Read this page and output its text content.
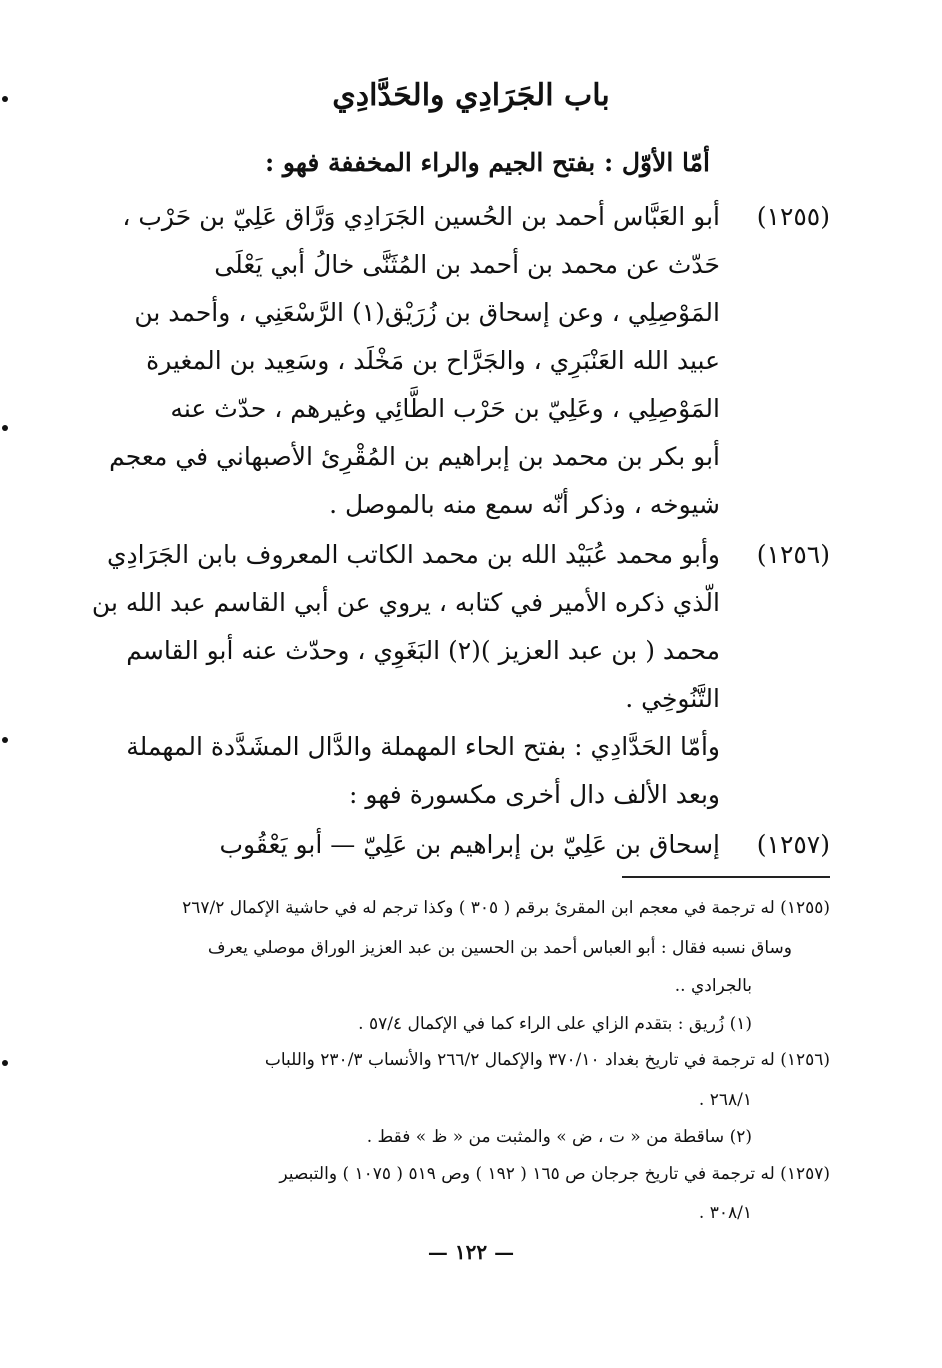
باب الجَرَادِي والحَدَّادِي
أمّا الأوّل : بفتح الجيم والراء المخففة فهو :
(١٢٥٥)
أبو العَبَّاس أحمد بن الحُسين الجَرَادِي وَرَّاق عَلِيّ بن حَرْب ،
حَدّث عن محمد بن أحمد بن المُثَنَّى خالُ أبي يَعْلَى
المَوْصِلِي ، وعن إسحاق بن زُرَيْق(١) الرَّسْعَنِي ، وأحمد بن
عبيد الله العَنْبَرِي ، والجَرَّاح بن مَخْلَد ، وسَعِيد بن المغيرة
المَوْصِلِي ، وعَلِيّ بن حَرْب الطَّائِي وغيرهم ، حدّث عنه
أبو بكر بن محمد بن إبراهيم بن المُقْرِئ الأصبهاني في معجم
شيوخه ، وذكر أنّه سمع منه بالموصل .
(١٢٥٦)
وأبو محمد عُبَيْد الله بن محمد الكاتب المعروف بابن الجَرَادِي
الّذي ذكره الأمير في كتابه ، يروي عن أبي القاسم عبد الله بن
محمد ( بن عبد العزيز )(٢) البَغَوِي ، وحدّث عنه أبو القاسم
التَّنُوخِي .
وأمّا الحَدَّادِي : بفتح الحاء المهملة والدَّال المشَدَّدة المهملة
وبعد الألف دال أخرى مكسورة فهو :
(١٢٥٧)
إسحاق بن عَلِيّ بن إبراهيم بن عَلِيّ — أبو يَعْقُوب
(١٢٥٥) له ترجمة في معجم ابن المقرئ برقم ( ٣٠٥ ) وكذا ترجم له في حاشية الإكمال ٢٦٧/٢
وساق نسبه فقال : أبو العباس أحمد بن الحسين بن عبد العزيز الوراق موصلي يعرف
بالجرادي ..
(١) زُريق : بتقدم الزاي على الراء كما في الإكمال ٥٧/٤ .
(١٢٥٦) له ترجمة في تاريخ بغداد ٣٧٠/١٠ والإكمال ٢٦٦/٢ والأنساب ٢٣٠/٣ واللباب
٢٦٨/١ .
(٢) ساقطة من « ت ، ض » والمثبت من « ظ » فقط .
(١٢٥٧) له ترجمة في تاريخ جرجان ص ١٦٥ ( ١٩٢ ) وص ٥١٩ ( ١٠٧٥ ) والتبصير
٣٠٨/١ .
— ١٢٢ —
